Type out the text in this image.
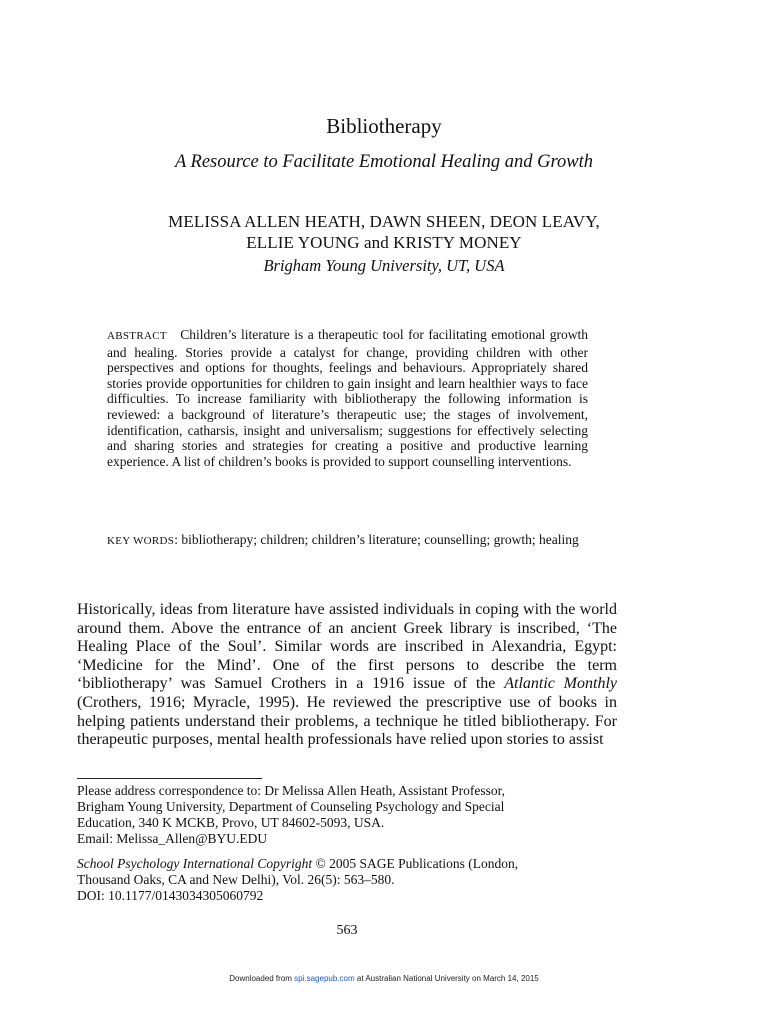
Bibliotherapy
A Resource to Facilitate Emotional Healing and Growth
MELISSA ALLEN HEATH, DAWN SHEEN, DEON LEAVY,
ELLIE YOUNG and KRISTY MONEY
Brigham Young University, UT, USA
ABSTRACT Children’s literature is a therapeutic tool for facilitating emotional growth and healing. Stories provide a catalyst for change, providing children with other perspectives and options for thoughts, feelings and behaviours. Appropriately shared stories provide opportunities for children to gain insight and learn healthier ways to face difficulties. To increase familiarity with bibliotherapy the following information is reviewed: a background of literature’s therapeutic use; the stages of involvement, identification, catharsis, insight and universalism; suggestions for effectively selecting and sharing stories and strategies for creating a positive and productive learning experience. A list of children’s books is provided to support counselling interventions.
KEY WORDS: bibliotherapy; children; children’s literature; counselling; growth; healing
Historically, ideas from literature have assisted individuals in coping with the world around them. Above the entrance of an ancient Greek library is inscribed, ‘The Healing Place of the Soul’. Similar words are inscribed in Alexandria, Egypt: ‘Medicine for the Mind’. One of the first persons to describe the term ‘bibliotherapy’ was Samuel Crothers in a 1916 issue of the Atlantic Monthly (Crothers, 1916; Myracle, 1995). He reviewed the prescriptive use of books in helping patients understand their problems, a technique he titled bibliotherapy. For therapeutic purposes, mental health professionals have relied upon stories to assist
Please address correspondence to: Dr Melissa Allen Heath, Assistant Professor,
Brigham Young University, Department of Counseling Psychology and Special
Education, 340 K MCKB, Provo, UT 84602-5093, USA.
Email: Melissa_Allen@BYU.EDU
School Psychology International Copyright © 2005 SAGE Publications (London,
Thousand Oaks, CA and New Delhi), Vol. 26(5): 563–580.
DOI: 10.1177/0143034305060792
563
Downloaded from spi.sagepub.com at Australian National University on March 14, 2015
